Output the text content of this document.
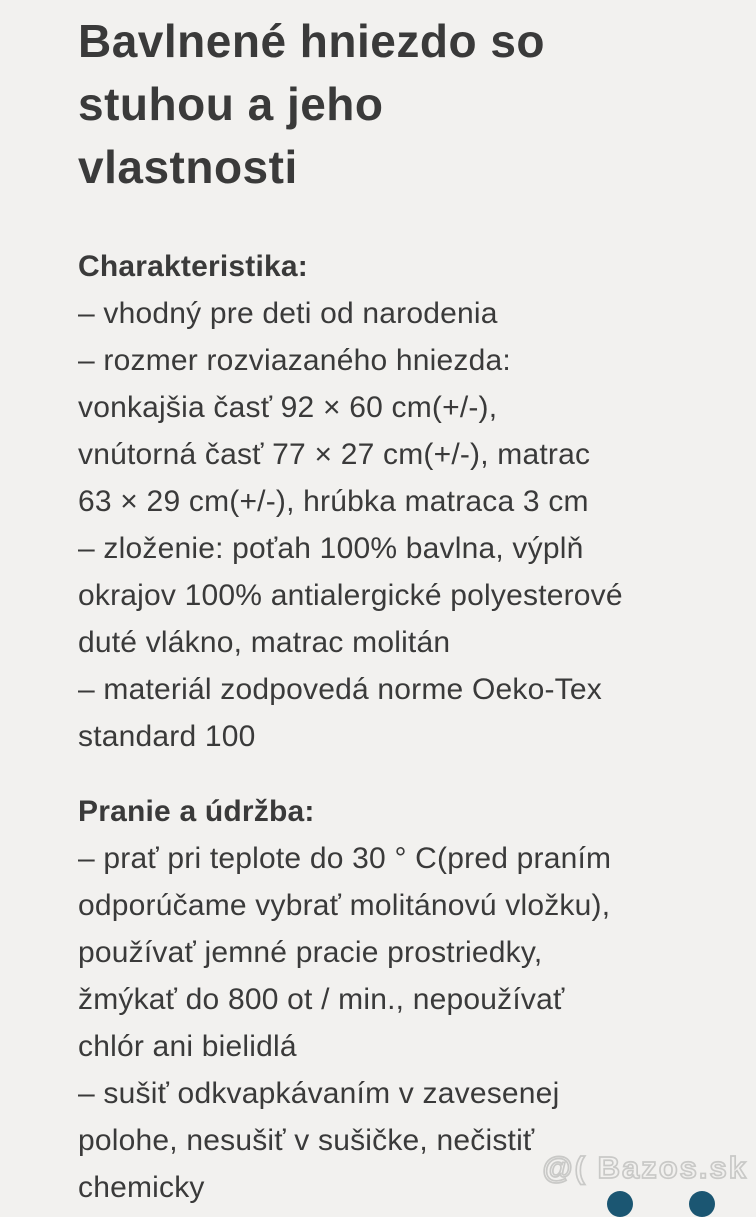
Bavlnené hniezdo so
stuhou a jeho
vlastnosti

Charakteristika:

– vhodný pre deti od narodenia

– rozmer rozviazaného hniezda:

vonkajšia časť 92 × 60 cm(+/-),

vnútorná časť 77 × 27 cm(+/-), matrac

63 × 29 cm(+/-), hrúbka matraca 3 cm

– zloženie: poťah 100% bavlna, výplň

okrajov 100% antialergické polyesterové

duté vlákno, matrac molitán

– materiál zodpovedá norme Oeko-Tex

standard 100

Pranie a údržba:

– prať pri teplote do 30 ° C(pred praním

odporúčame vybrať molitánovú vložku),

používať jemné pracie prostriedky,

žmýkať do 800 ot / min., nepoužívať

chlór ani bielidlá

– sušiť odkvapkávaním v zavesenej

polohe, nesušiť v sušičke, nečistiť

chemicky

@( Bazos.sk
